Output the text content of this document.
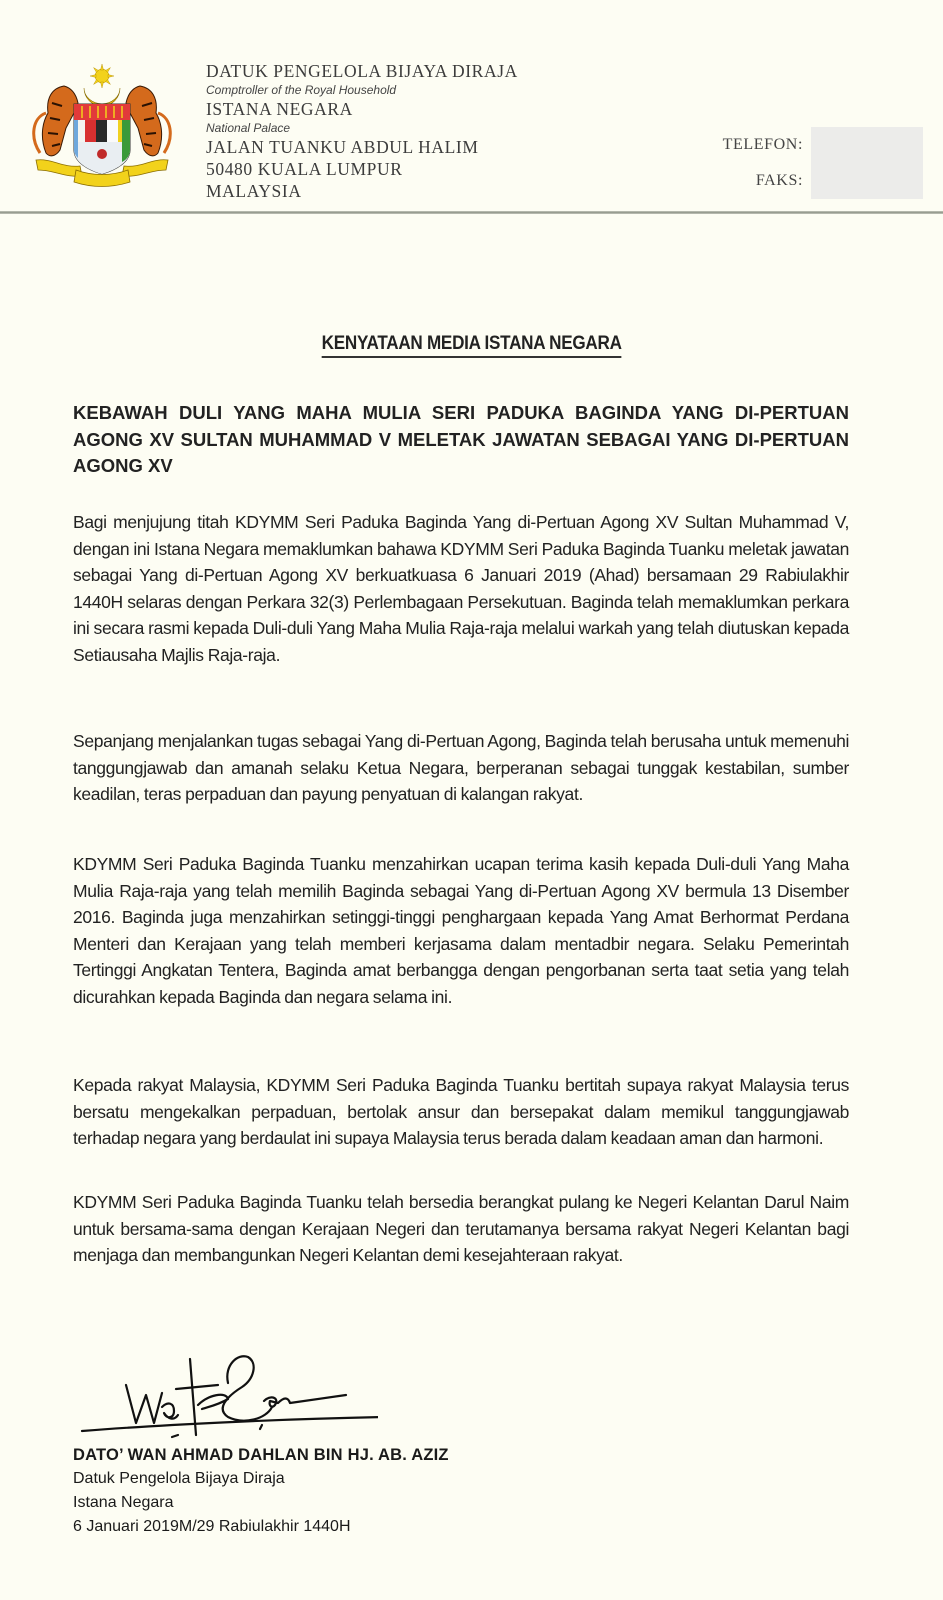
DATUK PENGELOLA BIJAYA DIRAJA
Comptroller of the Royal Household
ISTANA NEGARA
National Palace
JALAN TUANKU ABDUL HALIM
50480 KUALA LUMPUR
MALAYSIA
TELEFON:
FAKS:
KENYATAAN MEDIA ISTANA NEGARA
KEBAWAH DULI YANG MAHA MULIA SERI PADUKA BAGINDA YANG DI-PERTUAN AGONG XV SULTAN MUHAMMAD V MELETAK JAWATAN SEBAGAI YANG DI-PERTUAN AGONG XV
Bagi menjujung titah KDYMM Seri Paduka Baginda Yang di-Pertuan Agong XV Sultan Muhammad V, dengan ini Istana Negara memaklumkan bahawa KDYMM Seri Paduka Baginda Tuanku meletak jawatan sebagai Yang di-Pertuan Agong XV berkuatkuasa 6 Januari 2019 (Ahad) bersamaan 29 Rabiulakhir 1440H selaras dengan Perkara 32(3) Perlembagaan Persekutuan. Baginda telah memaklumkan perkara ini secara rasmi kepada Duli-duli Yang Maha Mulia Raja-raja melalui warkah yang telah diutuskan kepada Setiausaha Majlis Raja-raja.
Sepanjang menjalankan tugas sebagai Yang di-Pertuan Agong, Baginda telah berusaha untuk memenuhi tanggungjawab dan amanah selaku Ketua Negara, berperanan sebagai tunggak kestabilan, sumber keadilan, teras perpaduan dan payung penyatuan di kalangan rakyat.
KDYMM Seri Paduka Baginda Tuanku menzahirkan ucapan terima kasih kepada Duli-duli Yang Maha Mulia Raja-raja yang telah memilih Baginda sebagai Yang di-Pertuan Agong XV bermula 13 Disember 2016. Baginda juga menzahirkan setinggi-tinggi penghargaan kepada Yang Amat Berhormat Perdana Menteri dan Kerajaan yang telah memberi kerjasama dalam mentadbir negara. Selaku Pemerintah Tertinggi Angkatan Tentera, Baginda amat berbangga dengan pengorbanan serta taat setia yang telah dicurahkan kepada Baginda dan negara selama ini.
Kepada rakyat Malaysia, KDYMM Seri Paduka Baginda Tuanku bertitah supaya rakyat Malaysia terus bersatu mengekalkan perpaduan, bertolak ansur dan bersepakat dalam memikul tanggungjawab terhadap negara yang berdaulat ini supaya Malaysia terus berada dalam keadaan aman dan harmoni.
KDYMM Seri Paduka Baginda Tuanku telah bersedia berangkat pulang ke Negeri Kelantan Darul Naim untuk bersama-sama dengan Kerajaan Negeri dan terutamanya bersama rakyat Negeri Kelantan bagi menjaga dan membangunkan Negeri Kelantan demi kesejahteraan rakyat.
DATO’ WAN AHMAD DAHLAN BIN HJ. AB. AZIZ
Datuk Pengelola Bijaya Diraja
Istana Negara
6 Januari 2019M/29 Rabiulakhir 1440H
